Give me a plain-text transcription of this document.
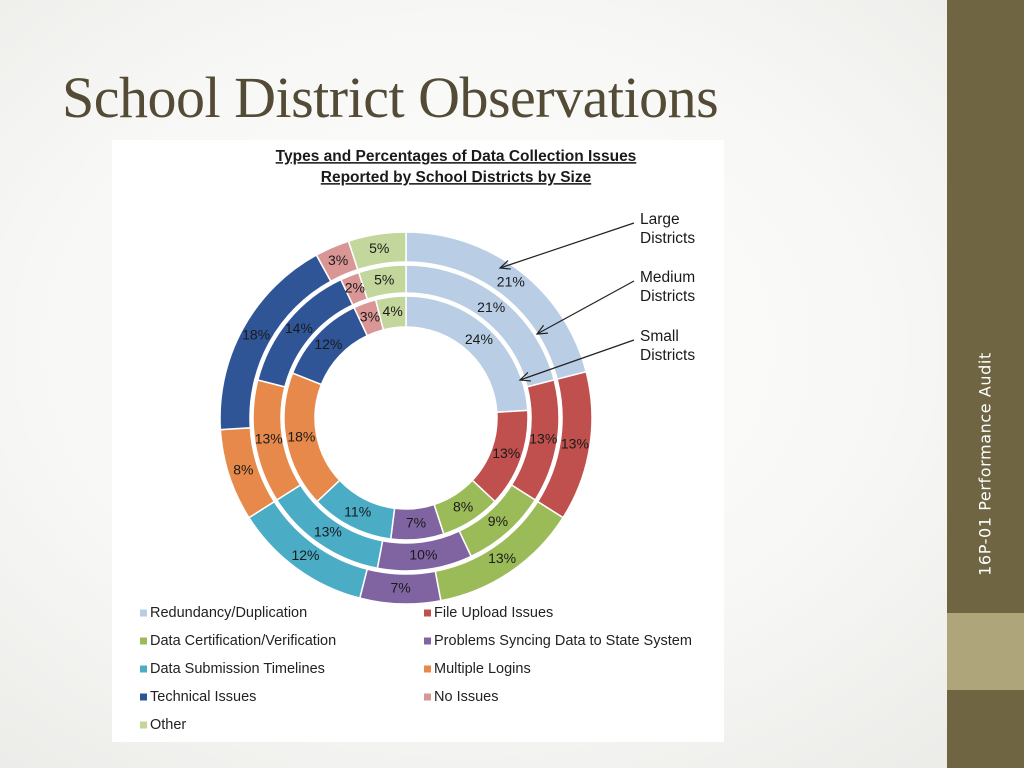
School District Observations
16P-01 Performance Audit
21%
13%
13%
7%
12%
8%
18%
3%
5%
21%
13%
9%
10%
13%
13%
14%
2%
5%
24%
13%
8%
7%
11%
18%
12%
3% 4%
Types and Percentages of Data Collection Issues
Reported by School Districts by Size
Large
Districts
Medium
Districts
Small
Districts
Redundancy/Duplication	File Upload Issues
Data Certification/Verification	Problems Syncing Data to State System
Data Submission Timelines	Multiple Logins
Technical Issues	No Issues
Other
